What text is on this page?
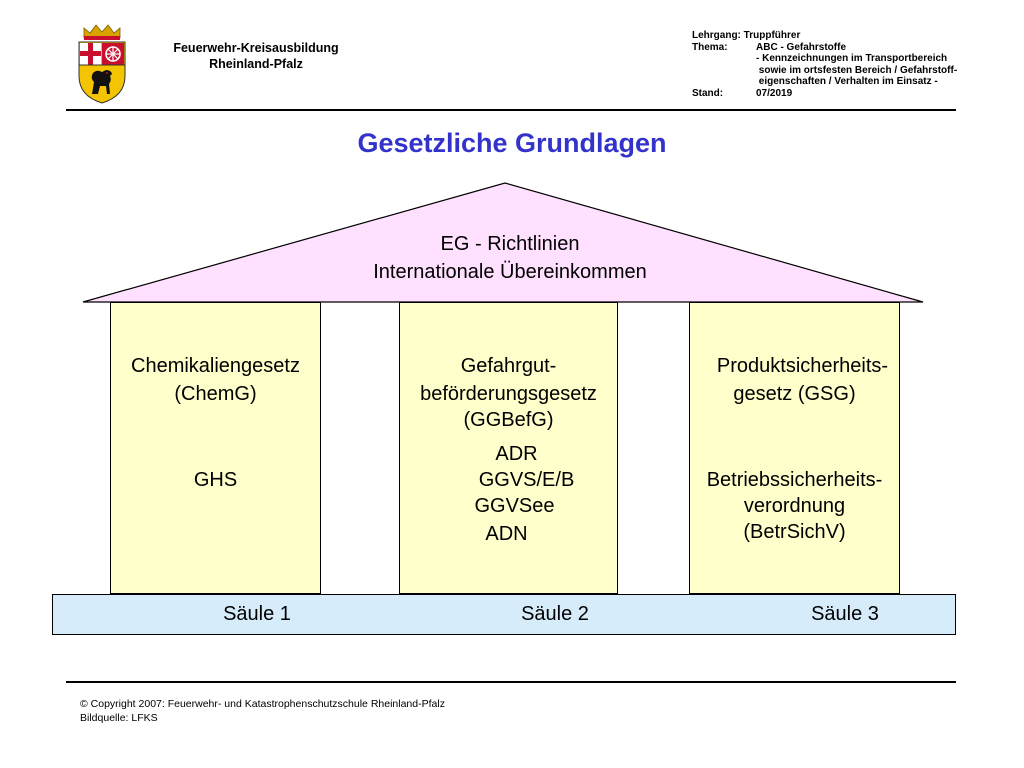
Feuerwehr-Kreisausbildung
Rheinland-Pfalz
Lehrgang:
Truppführer
Thema:	ABC - Gefahrstoffe
- Kennzeichnungen im Transportbereich

sowie im ortsfesten Bereich / Gefahrstoff-

eigenschaften / Verhalten im Einsatz -
Stand:	07/2019
Gesetzliche Grundlagen
EG - Richtlinien
Internationale Übereinkommen
Chemikaliengesetz
(ChemG)
GHS
Gefahrgut-
beförderungsgesetz
(GGBefG)
ADR
GGVS/E/B
GGVSee
ADN
Produktsicherheits-
gesetz (GSG)
Betriebssicherheits-
verordnung
(BetrSichV)
Säule 1	Säule 2	Säule 3
© Copyright 2007: Feuerwehr- und Katastrophenschutzschule Rheinland-Pfalz
Bildquelle: LFKS
